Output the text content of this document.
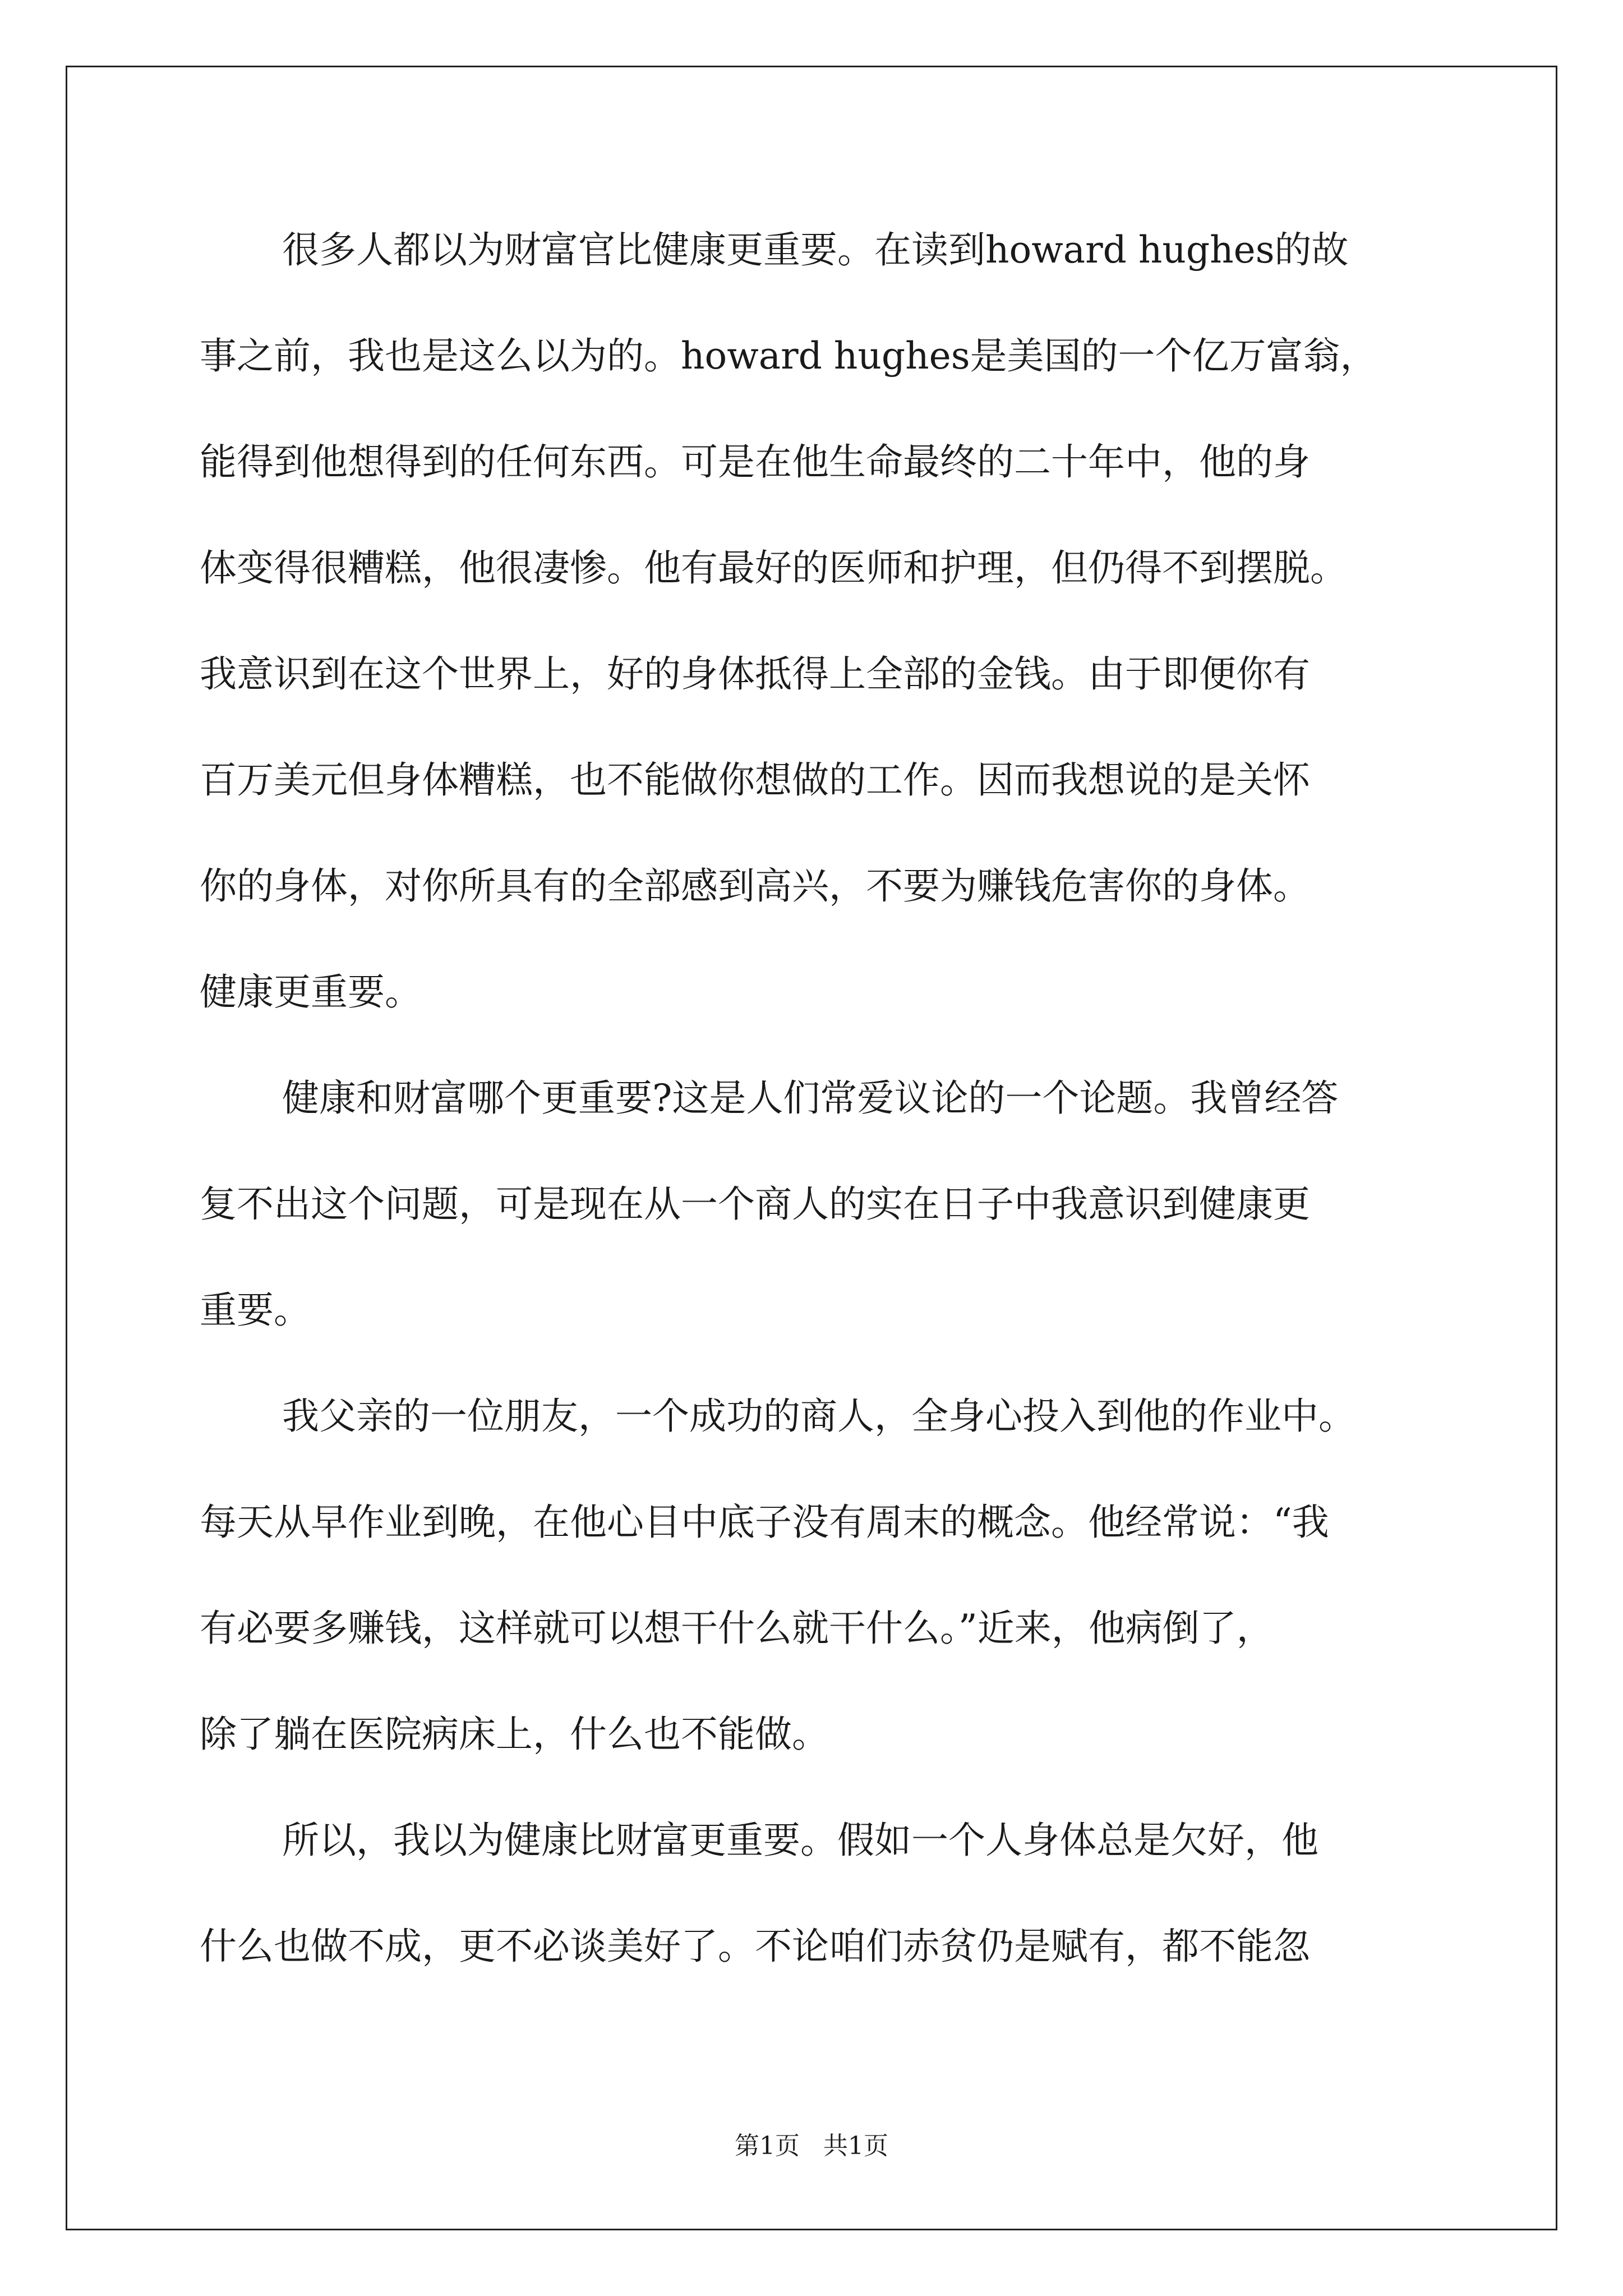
很多人都以为财富官比健康更重要。在读到howard hughes的故
事之前，我也是这么以为的。howard hughes是美国的一个亿万富翁，
能得到他想得到的任何东西。可是在他生命最终的二十年中，他的身
体变得很糟糕，他很凄惨。他有最好的医师和护理，但仍得不到摆脱。
我意识到在这个世界上，好的身体抵得上全部的金钱。由于即便你有
百万美元但身体糟糕，也不能做你想做的工作。因而我想说的是关怀
你的身体，对你所具有的全部感到高兴，不要为赚钱危害你的身体。
健康更重要。
健康和财富哪个更重要?这是人们常爱议论的一个论题。我曾经答
复不出这个问题，可是现在从一个商人的实在日子中我意识到健康更
重要。
我父亲的一位朋友，一个成功的商人，全身心投入到他的作业中。
每天从早作业到晚，在他心目中底子没有周末的概念。他经常说：“我
有必要多赚钱，这样就可以想干什么就干什么。”近来，他病倒了，
除了躺在医院病床上，什么也不能做。
所以，我以为健康比财富更重要。假如一个人身体总是欠好，他
什么也做不成，更不必谈美好了。不论咱们赤贫仍是赋有，都不能忽
第1页   共1页
